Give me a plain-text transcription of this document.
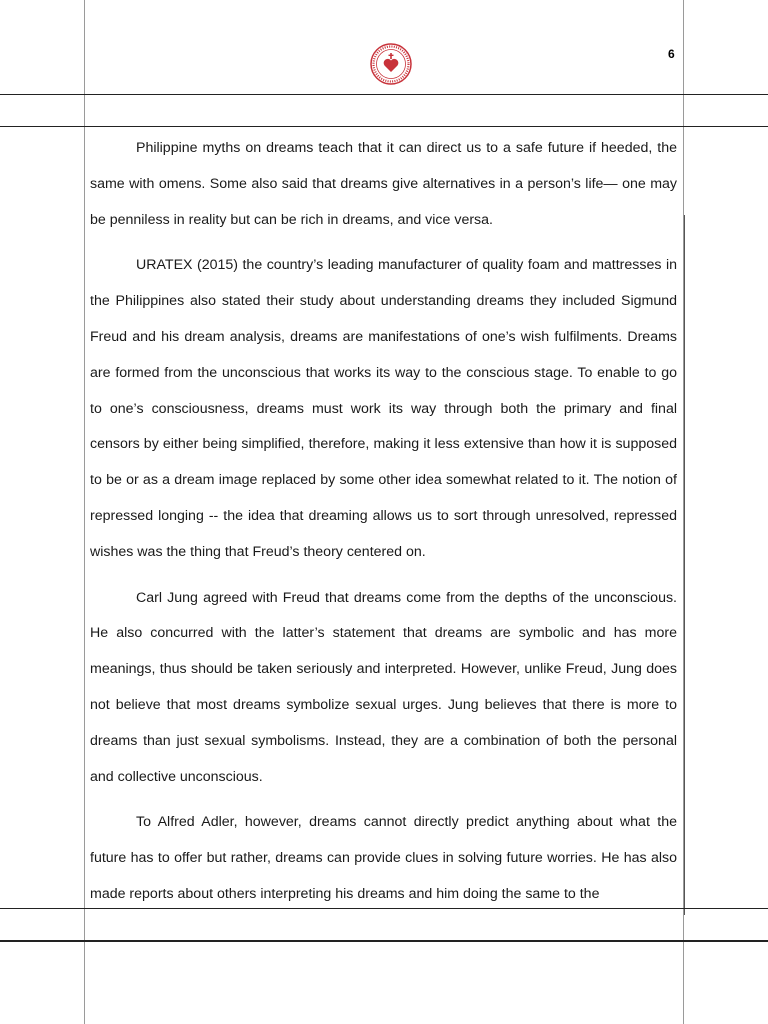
6

Philippine myths on dreams teach that it can direct us to a safe future if heeded, the same with omens. Some also said that dreams give alternatives in a person’s life— one may be penniless in reality but can be rich in dreams, and vice versa.

URATEX (2015) the country’s leading manufacturer of quality foam and mattresses in the Philippines also stated their study about understanding dreams they included Sigmund Freud and his dream analysis, dreams are manifestations of one’s wish fulfilments. Dreams are formed from the unconscious that works its way to the conscious stage. To enable to go to one’s consciousness, dreams must work its way through both the primary and final censors by either being simplified, therefore, making it less extensive than how it is supposed to be or as a dream image replaced by some other idea somewhat related to it. The notion of repressed longing -- the idea that dreaming allows us to sort through unresolved, repressed wishes was the thing that Freud’s theory centered on.

Carl Jung agreed with Freud that dreams come from the depths of the unconscious. He also concurred with the latter’s statement that dreams are symbolic and has more meanings, thus should be taken seriously and interpreted. However, unlike Freud, Jung does not believe that most dreams symbolize sexual urges. Jung believes that there is more to dreams than just sexual symbolisms. Instead, they are a combination of both the personal and collective unconscious.

To Alfred Adler, however, dreams cannot directly predict anything about what the future has to offer but rather, dreams can provide clues in solving future worries. He has also made reports about others interpreting his dreams and him doing the same to the
